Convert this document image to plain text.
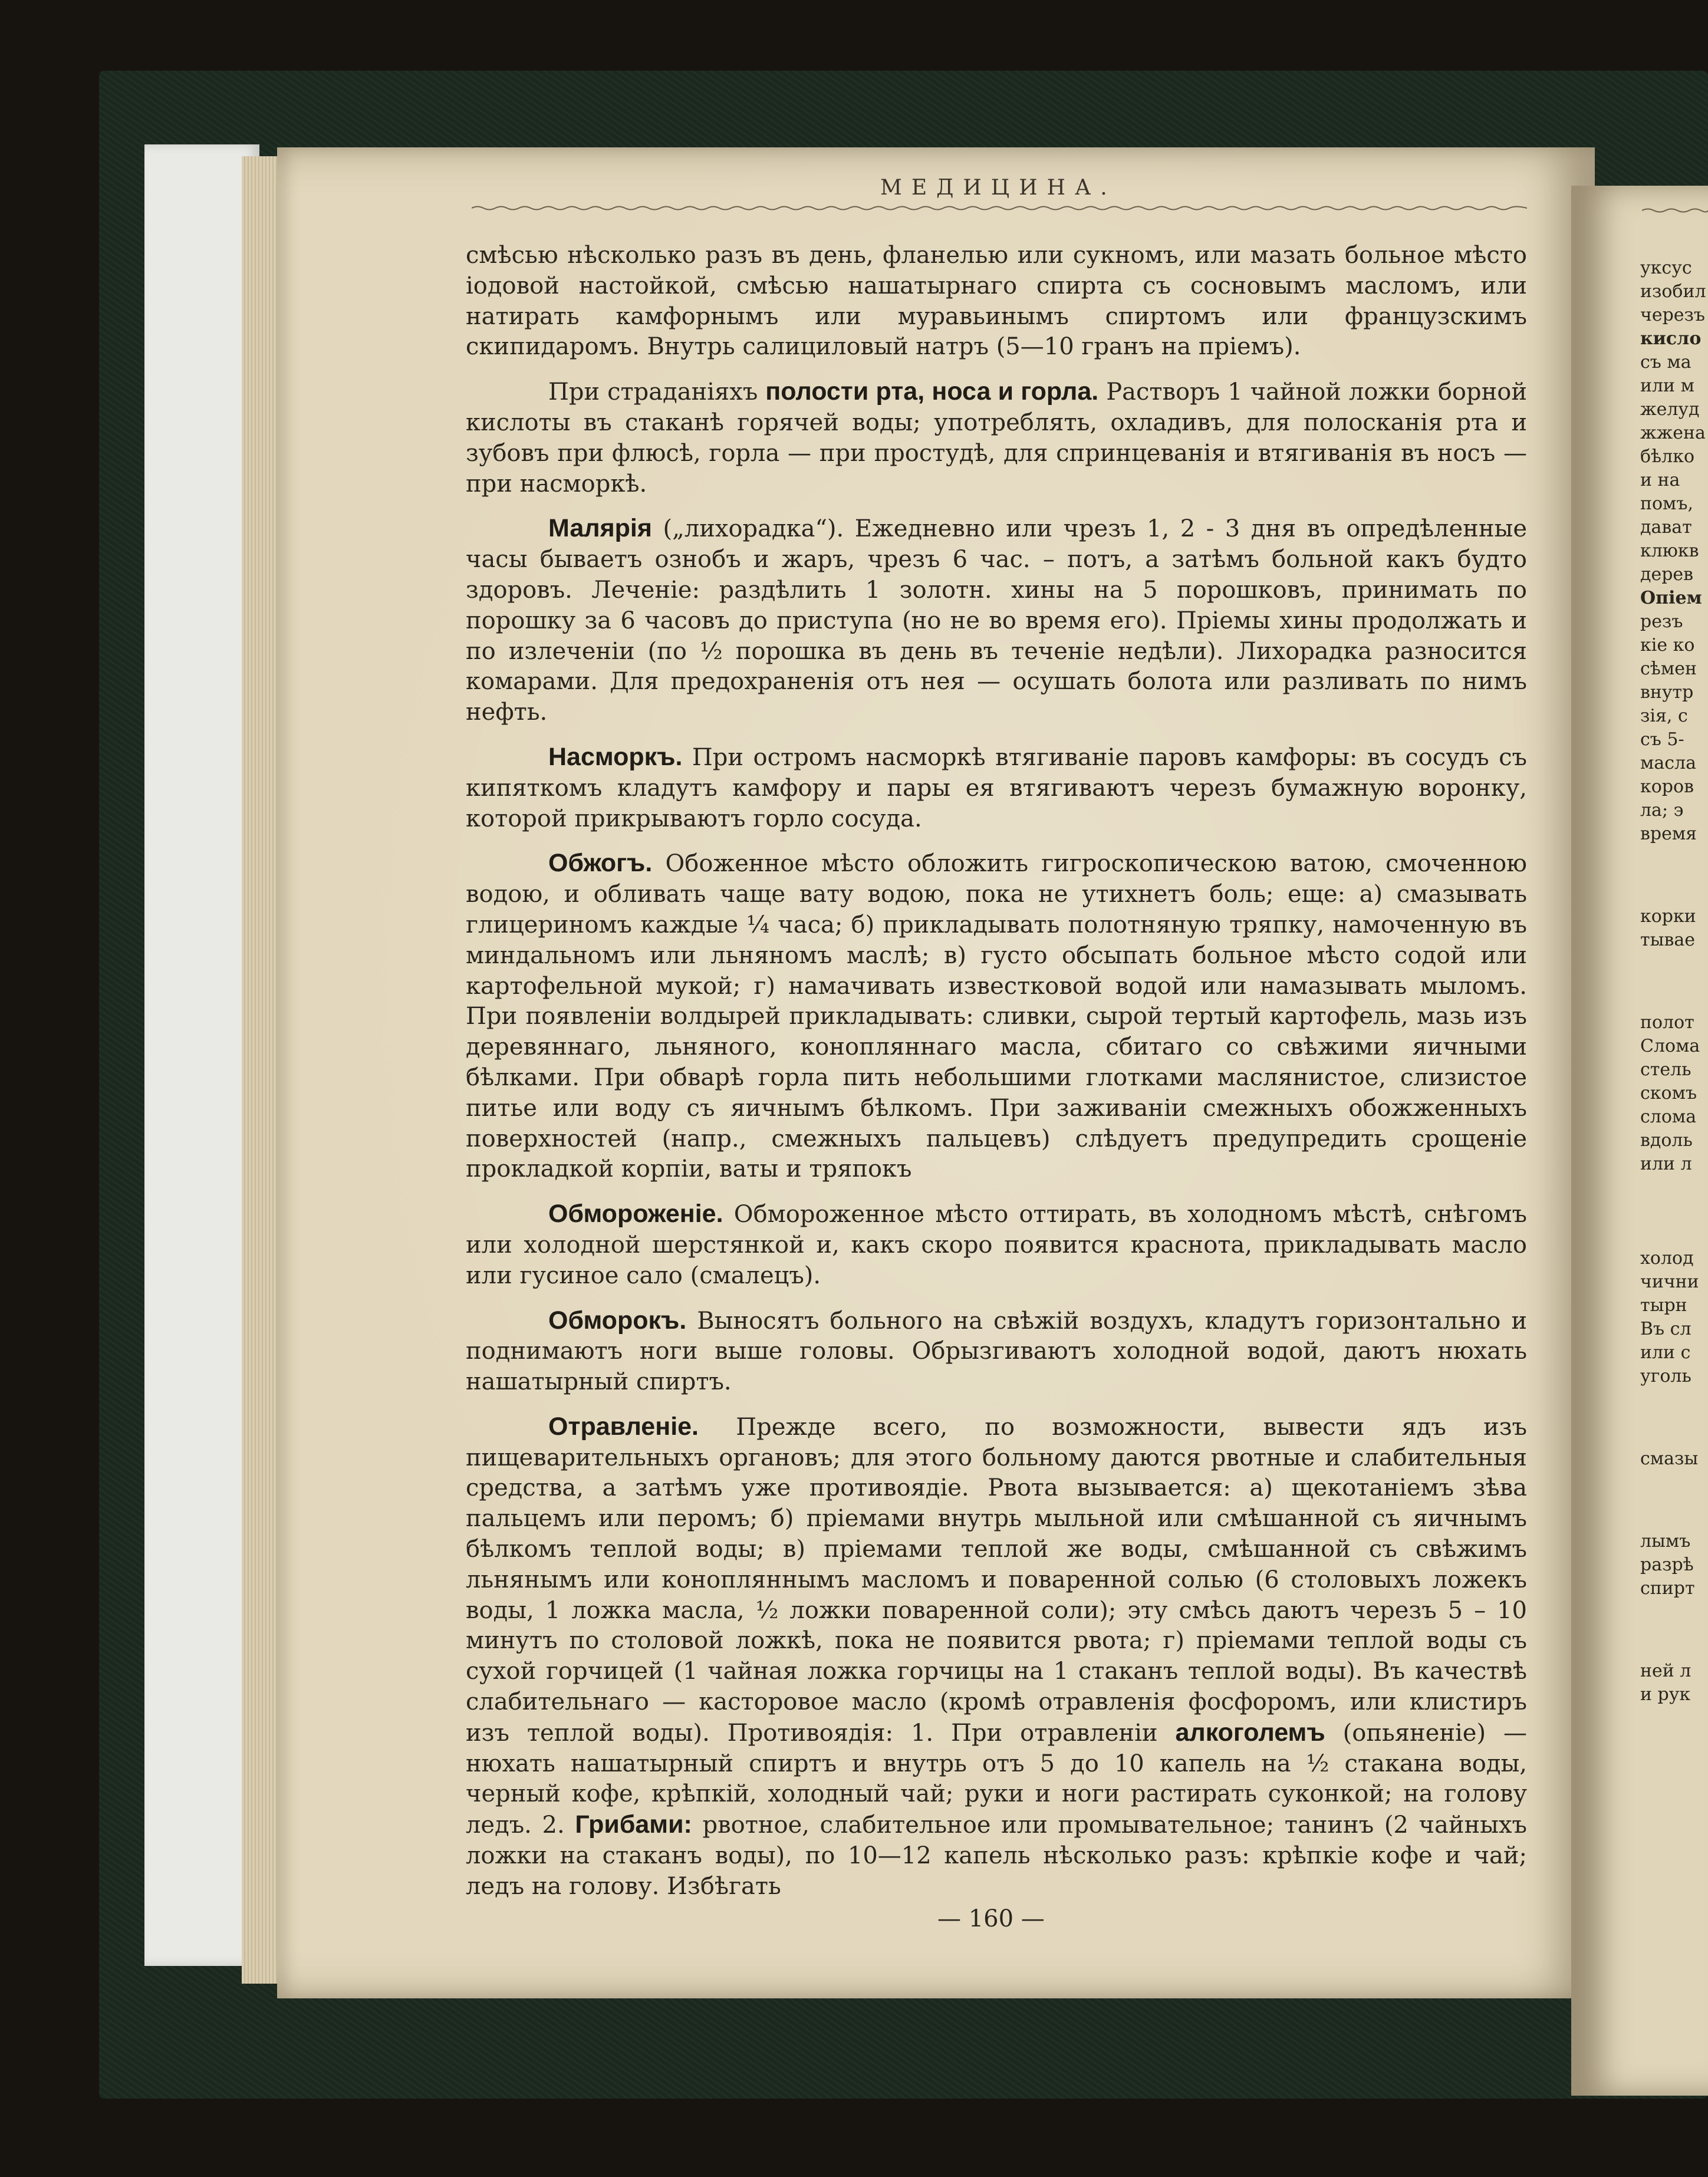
МЕДИЦИНА.

смѣсью нѣсколько разъ въ день, фланелью или сукномъ, или мазать больное мѣсто iодовой настойкой, смѣсью нашатырнаго спирта съ сосновымъ масломъ, или натирать камфорнымъ или муравьинымъ спиртомъ или французскимъ скипидаромъ. Внутрь салициловый натръ (5—10 гранъ на прiемъ).

При страданiяхъ полости рта, носа и горла. Растворъ 1 чайной ложки борной кислоты въ стаканѣ горячей воды; употреблять, охладивъ, для полосканiя рта и зубовъ при флюсѣ, горла — при простудѣ, для спринцеванiя и втягиванiя въ носъ — при насморкѣ.

Малярiя („лихорадка“). Ежедневно или чрезъ 1, 2 - 3 дня въ опредѣленные часы бываетъ ознобъ и жаръ, чрезъ 6 час. – потъ, а затѣмъ больной какъ будто здоровъ. Леченiе: раздѣлить 1 золотн. хины на 5 порошковъ, принимать по порошку за 6 часовъ до приступа (но не во время его). Прiемы хины продолжать и по излеченiи (по ½ порошка въ день въ теченiе недѣли). Лихорадка разносится комарами. Для предохраненiя отъ нея — осушать болота или разливать по нимъ нефть.

Насморкъ. При остромъ насморкѣ втягиванiе паровъ камфоры: въ сосудъ съ кипяткомъ кладутъ камфору и пары ея втягиваютъ черезъ бумажную воронку, которой прикрываютъ горло сосуда.

Обжогъ. Обоженное мѣсто обложить гигроскопическою ватою, смоченною водою, и обливать чаще вату водою, пока не утихнетъ боль; еще: а) смазывать глицериномъ каждые ¼ часа; б) прикладывать полотняную тряпку, намоченную въ миндальномъ или льняномъ маслѣ; в) густо обсыпать больное мѣсто содой или картофельной мукой; г) намачивать известковой водой или намазывать мыломъ. При появленiи волдырей прикладывать: сливки, сырой тертый картофель, мазь изъ деревяннаго, льняного, конопляннаго масла, сбитаго со свѣжими яичными бѣлками. При обварѣ горла пить небольшими глотками маслянистое, слизистое питье или воду съ яичнымъ бѣлкомъ. При заживанiи смежныхъ обожженныхъ поверхностей (напр., смежныхъ пальцевъ) слѣдуетъ предупредить срощенiе прокладкой корпiи, ваты и тряпокъ

Обмороженiе. Обмороженное мѣсто оттирать, въ холодномъ мѣстѣ, снѣгомъ или холодной шерстянкой и, какъ скоро появится краснота, прикладывать масло или гусиное сало (смалецъ).

Обморокъ. Выносятъ больного на свѣжiй воздухъ, кладутъ горизонтально и поднимаютъ ноги выше головы. Обрызгиваютъ холодной водой, даютъ нюхать нашатырный спиртъ.

Отравленiе. Прежде всего, по возможности, вывести ядъ изъ пищеварительныхъ органовъ; для этого больному даются рвотные и слабительныя средства, а затѣмъ уже противоядiе. Рвота вызывается: а) щекотанiемъ зѣва пальцемъ или перомъ; б) прiемами внутрь мыльной или смѣшанной съ яичнымъ бѣлкомъ теплой воды; в) прiемами теплой же воды, смѣшанной съ свѣжимъ льнянымъ или конопляннымъ масломъ и поваренной солью (6 столовыхъ ложекъ воды, 1 ложка масла, ½ ложки поваренной соли); эту смѣсь даютъ черезъ 5 – 10 минутъ по столовой ложкѣ, пока не появится рвота; г) прiемами теплой воды съ сухой горчицей (1 чайная ложка горчицы на 1 стаканъ теплой воды). Въ качествѣ слабительнаго — касторовое масло (кромѣ отравленiя фосфоромъ, или клистиръ изъ теплой воды). Противоядiя: 1. При отравленiи алкоголемъ (опьяненiе) — нюхать нашатырный спиртъ и внутрь отъ 5 до 10 капель на ½ стакана воды, черный кофе, крѣпкiй, холодный чай; руки и ноги растирать суконкой; на голову ледъ. 2. Грибами: рвотное, слабительное или промывательное; танинъ (2 чайныхъ ложки на стаканъ воды), по 10—12 капель нѣсколько разъ: крѣпкiе кофе и чай; ледъ на голову. Избѣгать

— 160 —
уксус
изобил
черезъ
кисло
съ ма
или м
желуд
жжена
бѣлко
и на
помъ,
дават
клюкв
дерев
Опiем
резъ
кiе ко
сѣмен
внутр
зiя, с
съ 5-
масла
коров
ла; э
время
корки
тывае
полот
Слома
стель
скомъ
слома
вдоль
или л
холод
чични
тырн
Въ сл
или с
уголь
смазы
лымъ
разрѣ
спирт
ней л
и рук
